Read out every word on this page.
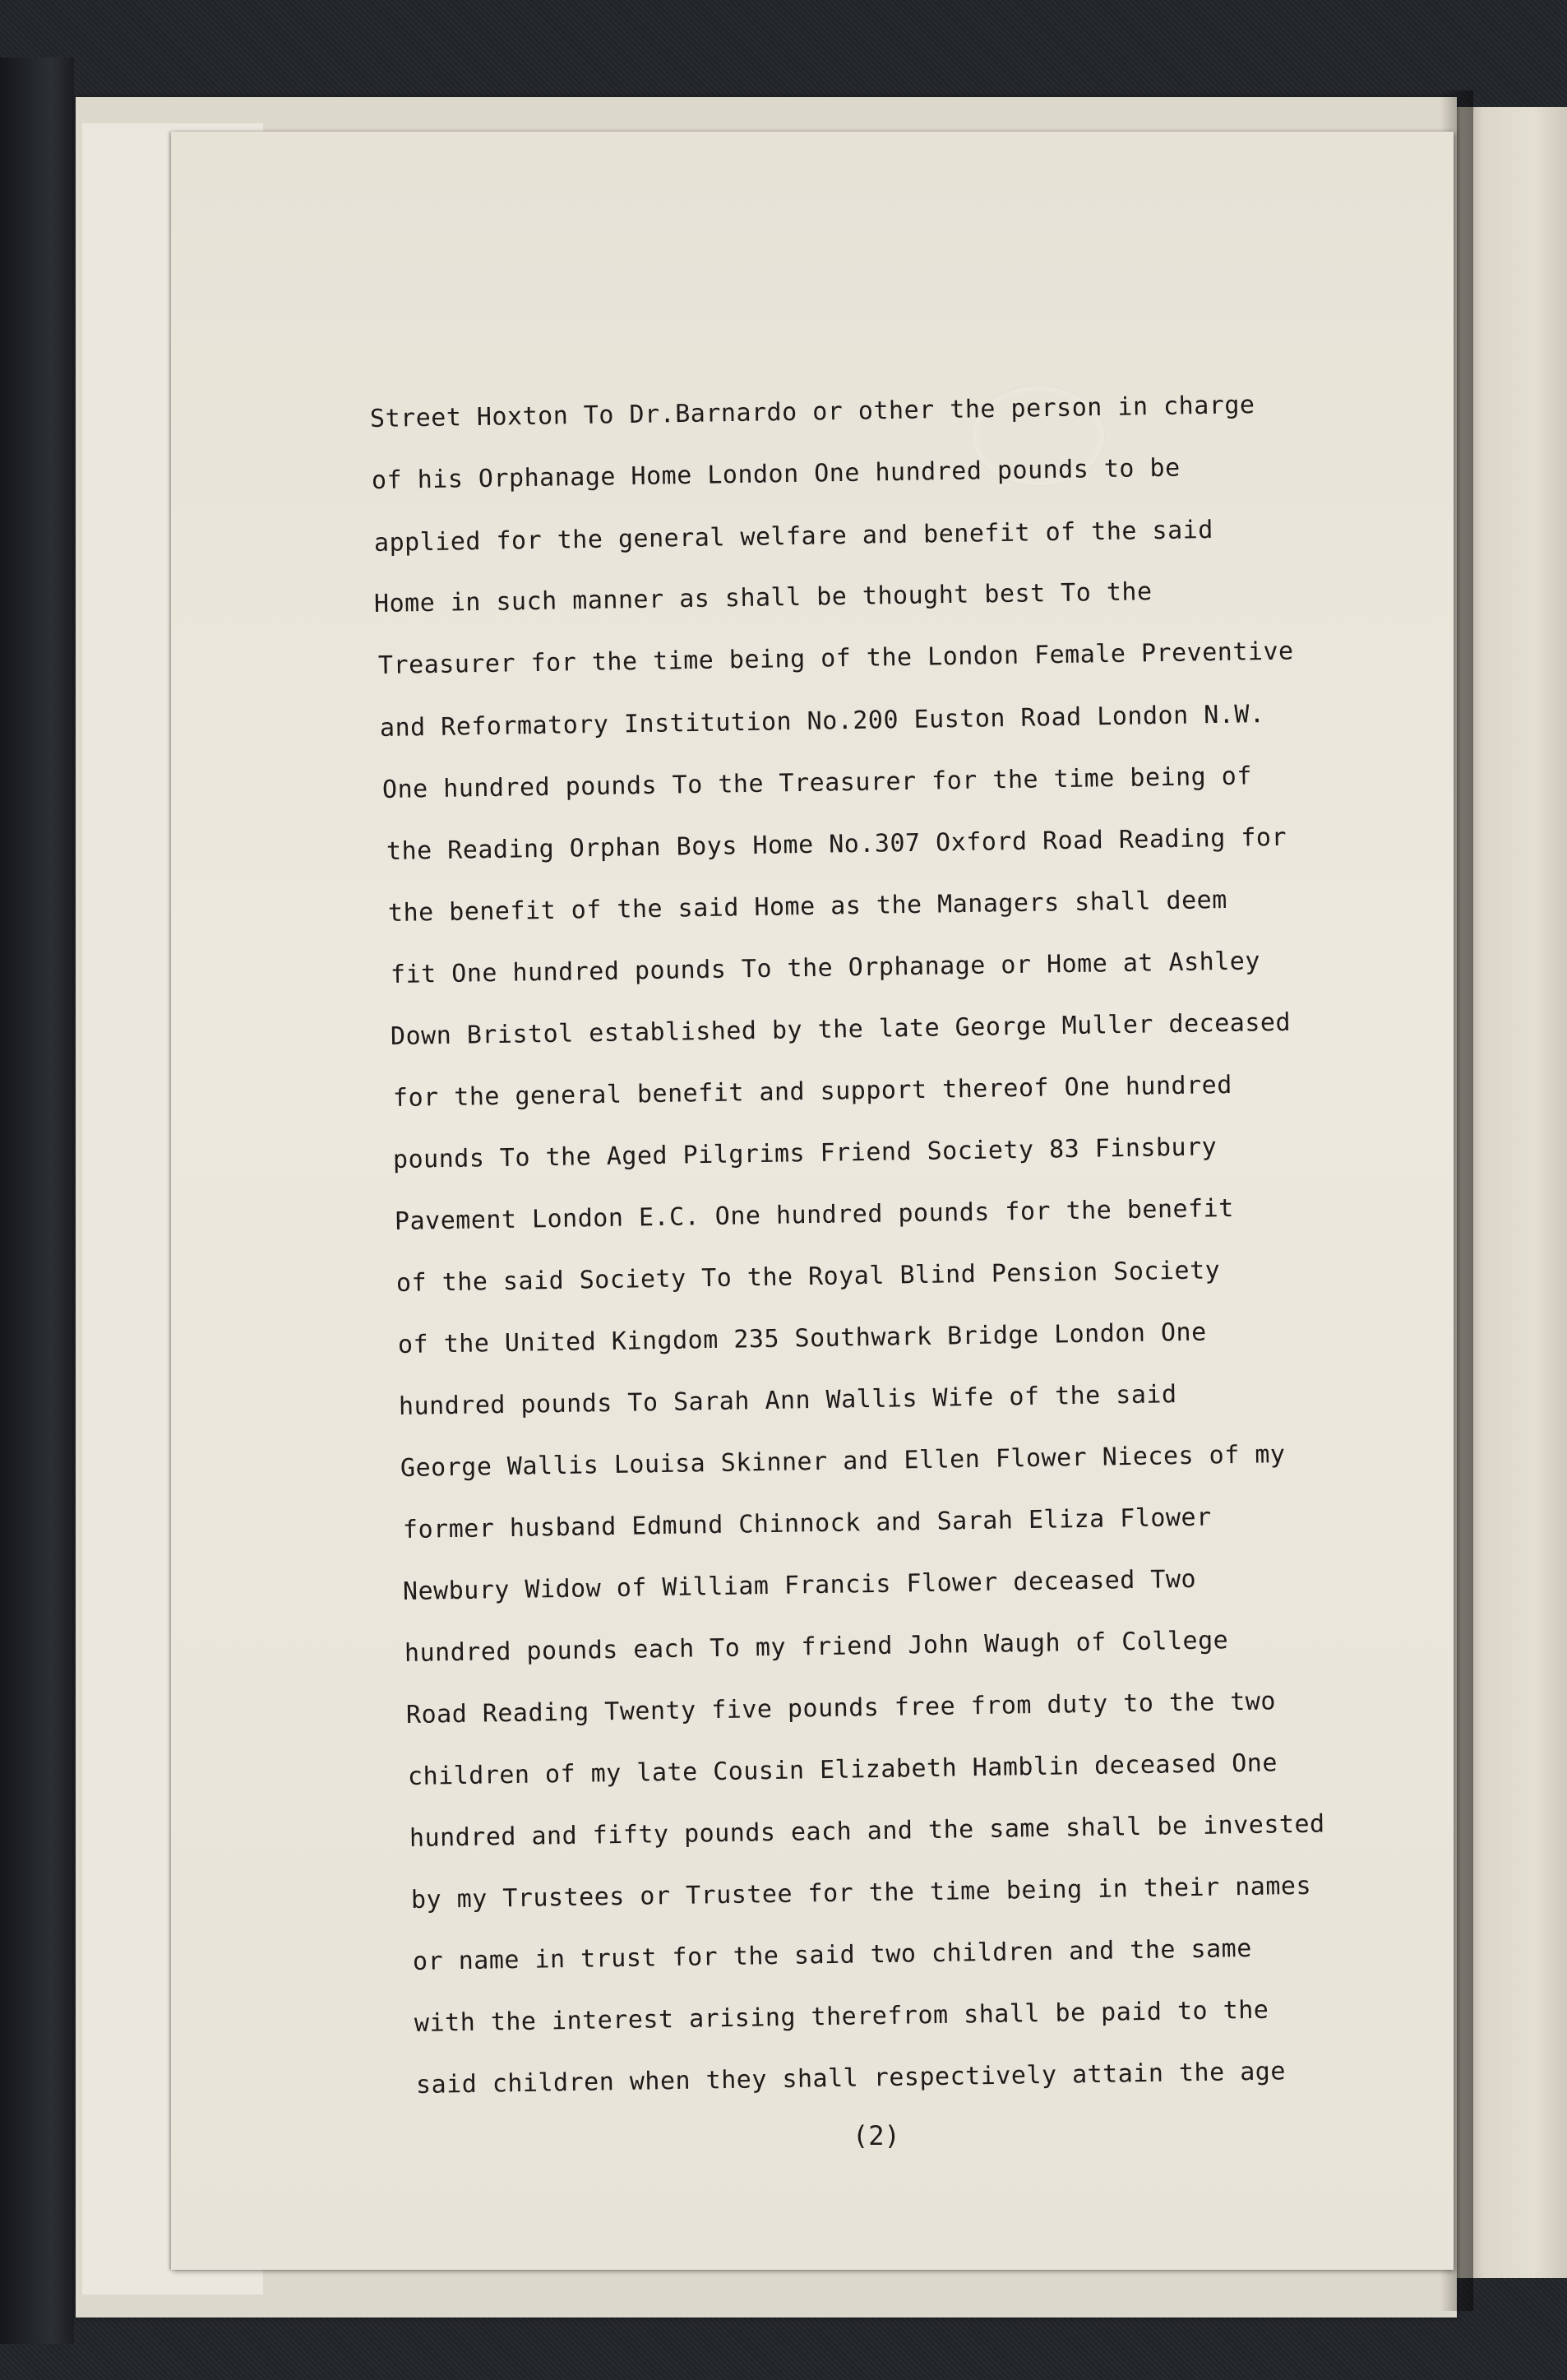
Street Hoxton To Dr.Barnardo or other the person in charge
of his Orphanage Home London One hundred pounds to be
applied for the general welfare and benefit of the said
Home in such manner as shall be thought best To the
Treasurer for the time being of the London Female Preventive
and Reformatory Institution No.200 Euston Road London N.W.
One hundred pounds To the Treasurer for the time being of
the Reading Orphan Boys Home No.307 Oxford Road Reading for
the benefit of the said Home as the Managers shall deem
fit One hundred pounds To the Orphanage or Home at Ashley
Down Bristol established by the late George Muller deceased
for the general benefit and support thereof One hundred
pounds To the Aged Pilgrims Friend Society 83 Finsbury
Pavement London E.C. One hundred pounds for the benefit
of the said Society To the Royal Blind Pension Society
of the United Kingdom 235 Southwark Bridge London One
hundred pounds To Sarah Ann Wallis Wife of the said
George Wallis Louisa Skinner and Ellen Flower Nieces of my
former husband Edmund Chinnock and Sarah Eliza Flower
Newbury Widow of William Francis Flower deceased Two
hundred pounds each To my friend John Waugh of College
Road Reading Twenty five pounds free from duty to the two
children of my late Cousin Elizabeth Hamblin deceased One
hundred and fifty pounds each and the same shall be invested
by my Trustees or Trustee for the time being in their names
or name in trust for the said two children and the same
with the interest arising therefrom shall be paid to the
said children when they shall respectively attain the age
(2)
